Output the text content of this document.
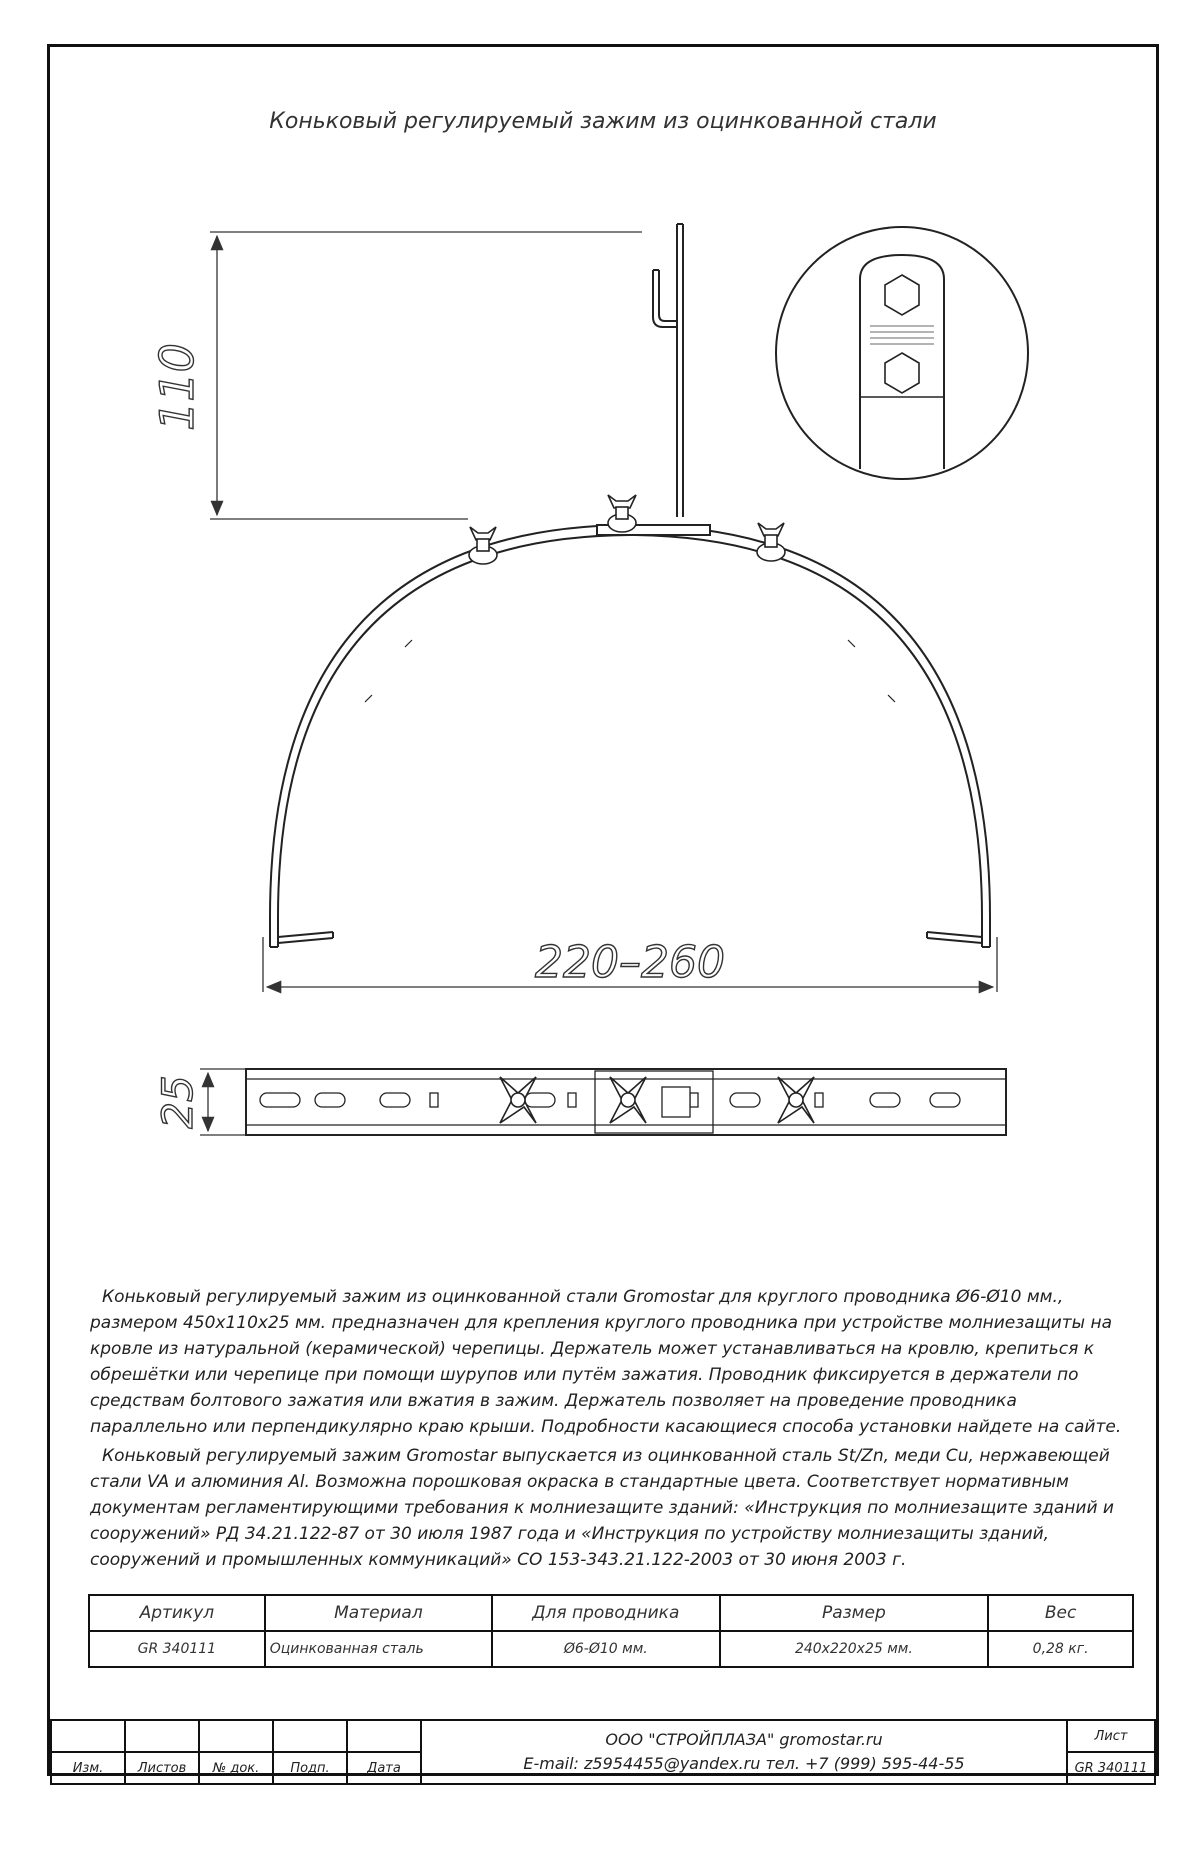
Коньковый регулируемый зажим из оцинкованной стали
110
220–260
25

Коньковый регулируемый зажим из оцинкованной стали Gromostar для круглого проводника Ø6-Ø10 мм., размером 450х110х25 мм. предназначен для крепления круглого проводника при устройстве молниезащиты на кровле из натуральной (керамической) черепицы. Держатель может устанавливаться на кровлю, крепиться к обрешётки или черепице при помощи шурупов или путём зажатия. Проводник фиксируется в держатели по средствам болтового зажатия или вжатия в зажим. Держатель позволяет на проведение проводника параллельно или перпендикулярно краю крыши. Подробности касающиеся способа установки найдете на сайте.

Коньковый регулируемый зажим Gromostar выпускается из оцинкованной сталь St/Zn, меди Cu, нержавеющей стали VA и алюминия Al. Возможна порошковая окраска в стандартные цвета. Соответствует нормативным документам регламентирующими требования к молниезащите зданий: «Инструкция по молниезащите зданий и сооружений» РД 34.21.122-87 от 30 июля 1987 года и «Инструкция по устройству молниезащиты зданий, сооружений и промышленных коммуникаций» СО 153-343.21.122-2003 от 30 июня 2003 г.

Артикул	Материал	Для проводника	Размер	Вес
GR 340111	Оцинкованная сталь	Ø6-Ø10 мм.	240x220x25 мм.	0,28 кг.

					ООО "СТРОЙПЛАЗА" gromostar.ru
E-mail: z5954455@yandex.ru тел. +7 (999) 595-44-55	Лист
Изм.	Листов	№ док.	Подп.	Дата		GR 340111
